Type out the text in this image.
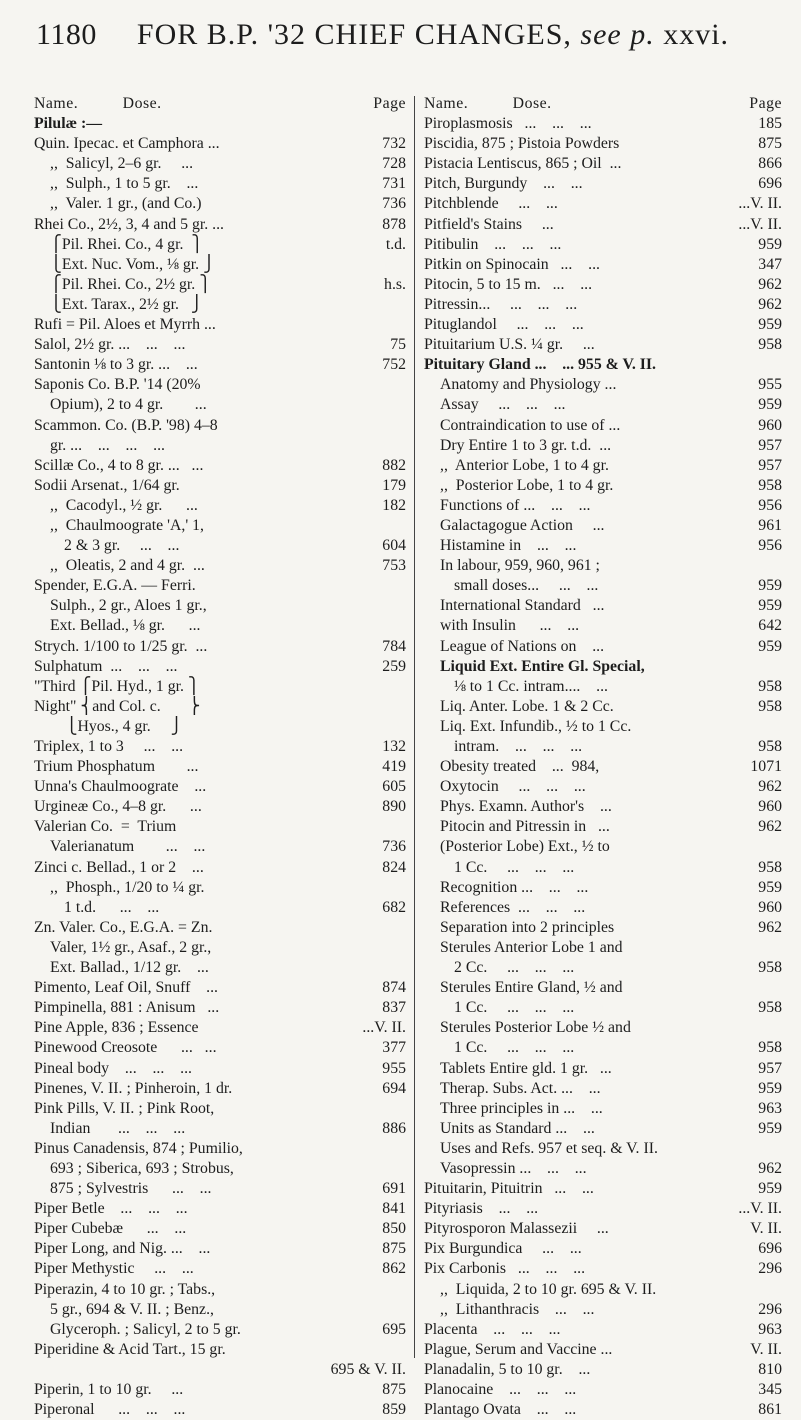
1180 FOR B.P. '32 CHIEF CHANGES, see p. xxvi.
Name.          Dose.	Page
Pilulæ :—
Quin. Ipecac. et Camphora ...	732
,,  Salicyl, 2–6 gr.     ...	728
,,  Sulph., 1 to 5 gr.    ...	731
,,  Valer. 1 gr., (and Co.)	736
Rhei Co., 2½, 3, 4 and 5 gr. ...	878
⎧Pil. Rhei. Co., 4 gr.  ⎫	t.d.
⎩Ext. Nuc. Vom., ⅛ gr. ⎭
⎧Pil. Rhei. Co., 2½ gr. ⎫	h.s.
⎩Ext. Tarax., 2½ gr.   ⎭
Rufi = Pil. Aloes et Myrrh ...
Salol, 2½ gr. ...    ...    ...	75
Santonin ⅛ to 3 gr. ...    ...	752
Saponis Co. B.P. '14 (20%
Opium), 2 to 4 gr.        ...
Scammon. Co. (B.P. '98) 4–8
gr. ...    ...    ...    ...
Scillæ Co., 4 to 8 gr. ...   ...	882
Sodii Arsenat., 1/64 gr.	179
,,  Cacodyl., ½ gr.      ...	182
,,  Chaulmoograte 'A,' 1,
2 & 3 gr.     ...    ...	604
,,  Oleatis, 2 and 4 gr.  ...	753
Spender, E.G.A. — Ferri.
Sulph., 2 gr., Aloes 1 gr.,
Ext. Bellad., ⅛ gr.      ...
Strych. 1/100 to 1/25 gr.  ...	784
Sulphatum  ...    ...    ...	259
"Third ⎧Pil. Hyd., 1 gr. ⎫
Night" ⎨and Col. c.       ⎬
⎩Hyos., 4 gr.     ⎭
Triplex, 1 to 3     ...    ...	132
Trium Phosphatum        ...	419
Unna's Chaulmoograte    ...	605
Urgineæ Co., 4–8 gr.      ...	890
Valerian Co.  =  Trium
Valerianatum        ...    ...	736
Zinci c. Bellad., 1 or 2    ...	824
,,  Phosph., 1/20 to ¼ gr.
1 t.d.      ...    ...	682
Zn. Valer. Co., E.G.A. = Zn.
Valer, 1½ gr., Asaf., 2 gr.,
Ext. Ballad., 1/12 gr.    ...
Pimento, Leaf Oil, Snuff    ...	874
Pimpinella, 881 : Anisum   ...	837
Pine Apple, 836 ; Essence	...V. II.
Pinewood Creosote      ...   ...	377
Pineal body    ...    ...    ...	955
Pinenes, V. II. ; Pinheroin, 1 dr.	694
Pink Pills, V. II. ; Pink Root,
Indian       ...    ...    ...	886
Pinus Canadensis, 874 ; Pumilio,
693 ; Siberica, 693 ; Strobus,
875 ; Sylvestris      ...    ...	691
Piper Betle    ...    ...    ...	841
Piper Cubebæ      ...    ...	850
Piper Long, and Nig. ...    ...	875
Piper Methystic     ...    ...	862
Piperazin, 4 to 10 gr. ; Tabs.,
5 gr., 694 & V. II. ; Benz.,
Glyceroph. ; Salicyl, 2 to 5 gr.	695
Piperidine & Acid Tart., 15 gr.
695 & V. II.
Piperin, 1 to 10 gr.     ...	875
Piperonal      ...    ...    ...	859
Name.          Dose.	Page
Piroplasmosis   ...    ...    ...	185
Piscidia, 875 ; Pistoia Powders	875
Pistacia Lentiscus, 865 ; Oil  ...	866
Pitch, Burgundy    ...    ...	696
Pitchblende     ...    ...	...V. II.
Pitfield's Stains     ...	...V. II.
Pitibulin    ...    ...    ...	959
Pitkin on Spinocain   ...    ...	347
Pitocin, 5 to 15 m.   ...    ...	962
Pitressin...     ...    ...    ...	962
Pituglandol     ...    ...    ...	959
Pituitarium U.S. ¼ gr.     ...	958
Pituitary Gland ...    ... 955 & V. II.
Anatomy and Physiology ...	955
Assay     ...    ...    ...	959
Contraindication to use of ...	960
Dry Entire 1 to 3 gr. t.d.  ...	957
,,  Anterior Lobe, 1 to 4 gr.	957
,,  Posterior Lobe, 1 to 4 gr.	958
Functions of ...    ...    ...	956
Galactagogue Action     ...	961
Histamine in    ...    ...	956
In labour, 959, 960, 961 ;
small doses...     ...    ...	959
International Standard   ...	959
with Insulin      ...    ...	642
League of Nations on    ...	959
Liquid Ext. Entire Gl. Special,
⅛ to 1 Cc. intram....    ...	958
Liq. Anter. Lobe. 1 & 2 Cc.	958
Liq. Ext. Infundib., ½ to 1 Cc.
intram.    ...    ...    ...	958
Obesity treated    ...  984,	1071
Oxytocin     ...    ...    ...	962
Phys. Examn. Author's    ...	960
Pitocin and Pitressin in   ...	962
(Posterior Lobe) Ext., ½ to
1 Cc.     ...    ...    ...	958
Recognition ...    ...    ...	959
References  ...    ...    ...	960
Separation into 2 principles	962
Sterules Anterior Lobe 1 and
2 Cc.     ...    ...    ...	958
Sterules Entire Gland, ½ and
1 Cc.     ...    ...    ...	958
Sterules Posterior Lobe ½ and
1 Cc.     ...    ...    ...	958
Tablets Entire gld. 1 gr.   ...	957
Therap. Subs. Act. ...    ...	959
Three principles in ...    ...	963
Units as Standard ...    ...	959
Uses and Refs. 957 et seq. & V. II.
Vasopressin ...    ...    ...	962
Pituitarin, Pituitrin   ...    ...	959
Pityriasis    ...    ...	...V. II.
Pityrosporon Malassezii     ...	V. II.
Pix Burgundica     ...    ...	696
Pix Carbonis   ...    ...    ...	296
,,  Liquida, 2 to 10 gr. 695 & V. II.
,,  Lithanthracis    ...    ...	296
Placenta    ...    ...    ...	963
Plague, Serum and Vaccine ...	V. II.
Planadalin, 5 to 10 gr.    ...	810
Planocaine    ...    ...    ...	345
Plantago Ovata    ...    ...	861
